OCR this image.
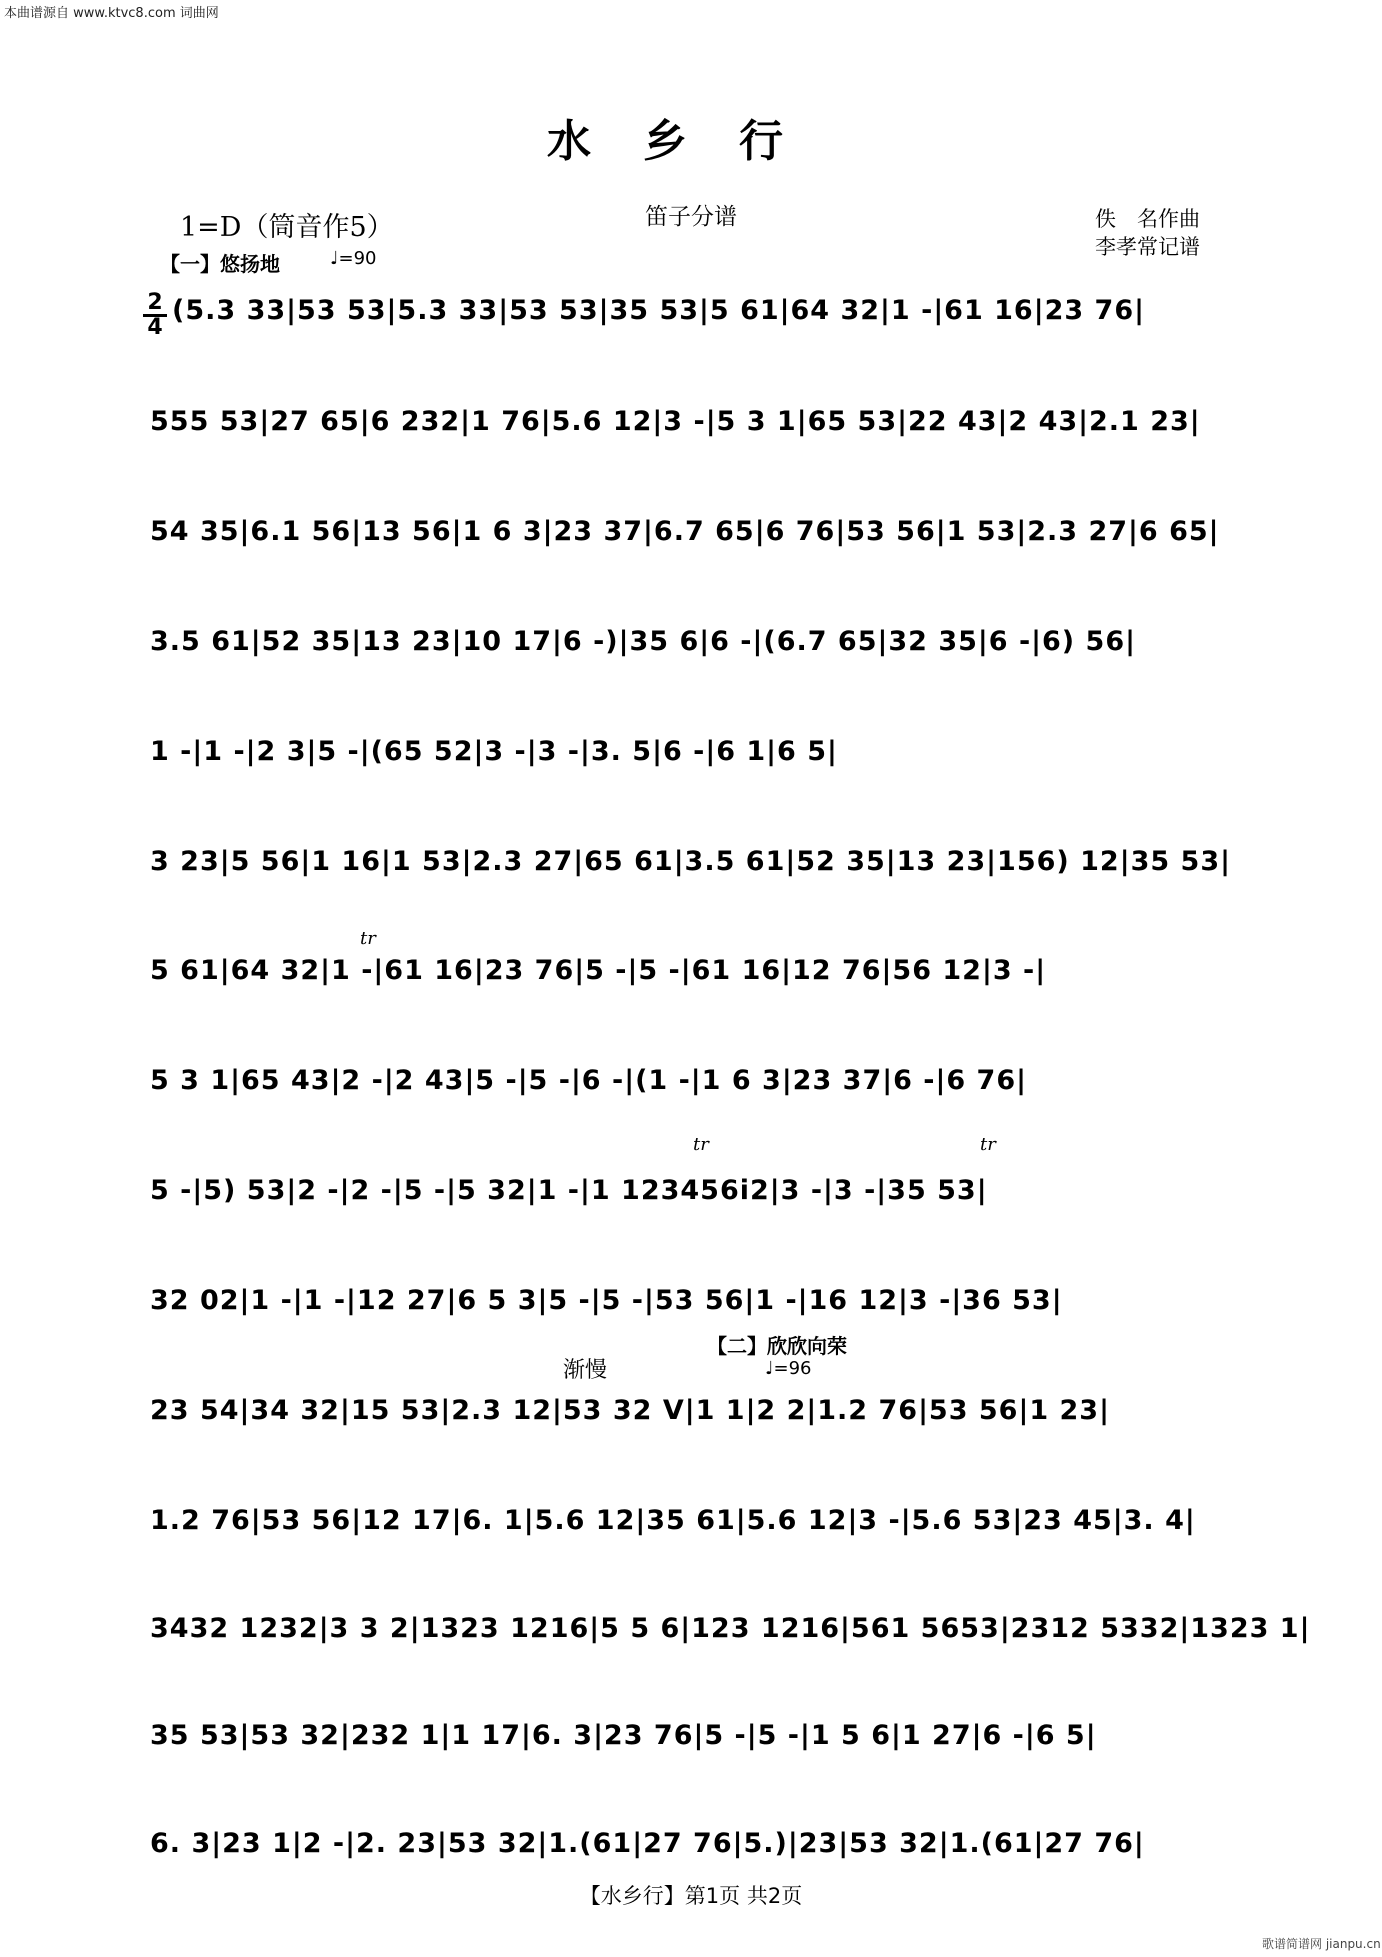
本曲谱源自 www.ktvc8.com 词曲网
水乡行
1=D（筒音作5）	笛子分谱	佚　名作曲
李孝常记谱
【一】悠扬地	♩=90
2
4
(5.3 33|53 53|5.3 33|53 53|35 53|5 61|64 32|1 -|61 16|23 76|
555 53|27 65|6 232|1 76|5.6 12|3 -|5 3 1|65 53|22 43|2 43|2.1 23|
54 35|6.1 56|13 56|1 6 3|23 37|6.7 65|6 76|53 56|1 53|2.3 27|6 65|
3.5 61|52 35|13 23|10 17|6 -)|35 6|6 -|(6.7 65|32 35|6 -|6) 56|
1 -|1 -|2 3|5 -|(65 52|3 -|3 -|3. 5|6 -|6 1|6 5|
3 23|5 56|1 16|1 53|2.3 27|65 61|3.5 61|52 35|13 23|156) 12|35 53|
tr
5 61|64 32|1 -|61 16|23 76|5 -|5 -|61 16|12 76|56 12|3 -|
5 3 1|65 43|2 -|2 43|5 -|5 -|6 -|(1 -|1 6 3|23 37|6 -|6 76|
tr	tr
5 -|5) 53|2 -|2 -|5 -|5 32|1 -|1 123456i2|3 -|3 -|35 53|
32 02|1 -|1 -|12 27|6 5 3|5 -|5 -|53 56|1 -|16 12|3 -|36 53|
【二】欣欣向荣
♩=96
渐慢
23 54|34 32|15 53|2.3 12|53 32 V|1 1|2 2|1.2 76|53 56|1 23|
1.2 76|53 56|12 17|6. 1|5.6 12|35 61|5.6 12|3 -|5.6 53|23 45|3. 4|
3432 1232|3 3 2|1323 1216|5 5 6|123 1216|561 5653|2312 5332|1323 1|
35 53|53 32|232 1|1 17|6. 3|23 76|5 -|5 -|1 5 6|1 27|6 -|6 5|
6. 3|23 1|2 -|2. 23|53 32|1.(61|27 76|5.)|23|53 32|1.(61|27 76|
【水乡行】第1页 共2页
歌谱简谱网 jianpu.cn
